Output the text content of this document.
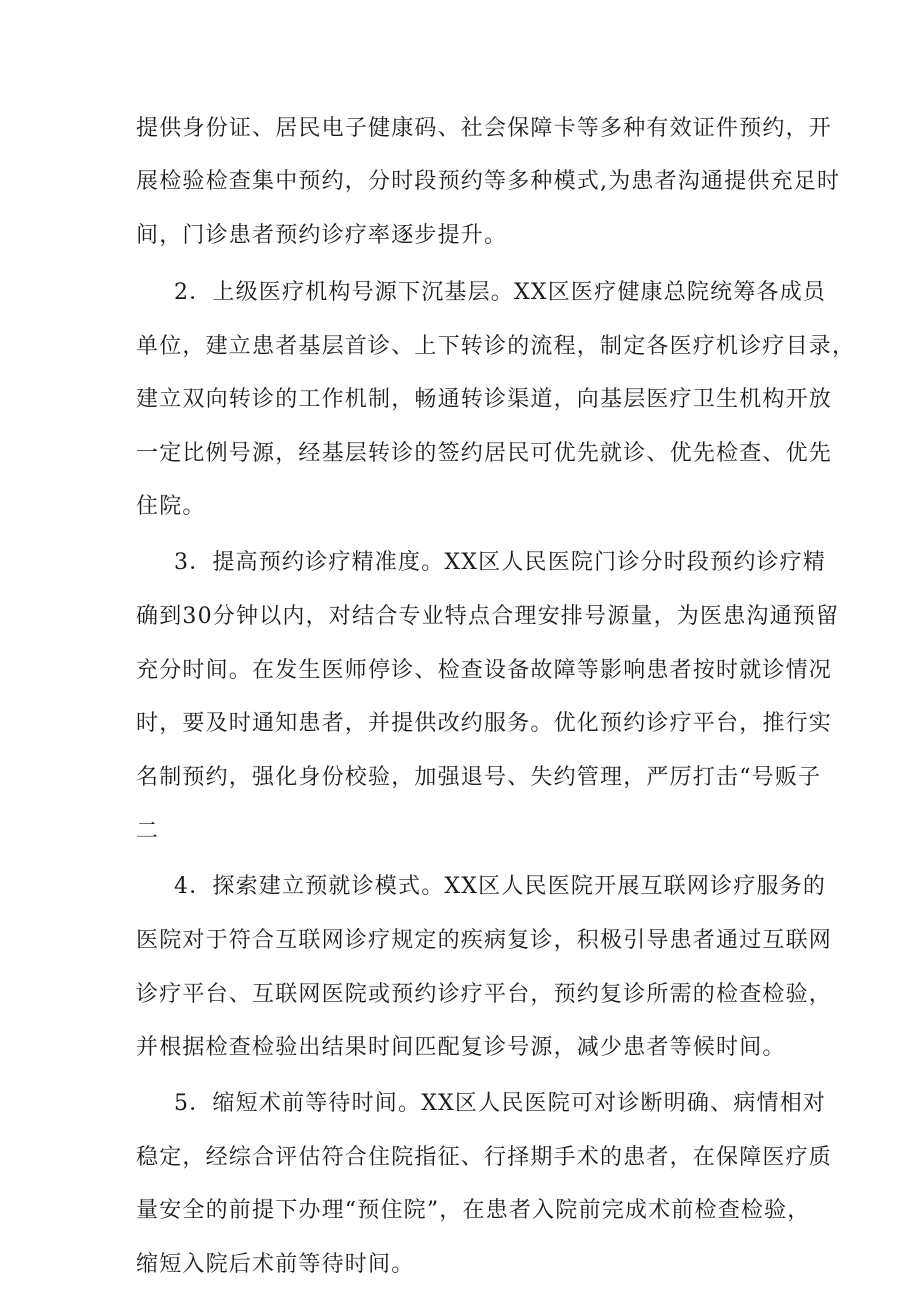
提供身份证、居民电子健康码、社会保障卡等多种有效证件预约，开
展检验检查集中预约，分时段预约等多种模式,为患者沟通提供充足时
间，门诊患者预约诊疗率逐步提升。
2．上级医疗机构号源下沉基层。XX区医疗健康总院统筹各成员
单位，建立患者基层首诊、上下转诊的流程，制定各医疗机诊疗目录，
建立双向转诊的工作机制，畅通转诊渠道，向基层医疗卫生机构开放
一定比例号源，经基层转诊的签约居民可优先就诊、优先检查、优先
住院。
3．提高预约诊疗精准度。XX区人民医院门诊分时段预约诊疗精
确到30分钟以内，对结合专业特点合理安排号源量，为医患沟通预留
充分时间。在发生医师停诊、检查设备故障等影响患者按时就诊情况
时，要及时通知患者，并提供改约服务。优化预约诊疗平台，推行实
名制预约，强化身份校验，加强退号、失约管理，严厉打击“号贩子
二
4．探索建立预就诊模式。XX区人民医院开展互联网诊疗服务的
医院对于符合互联网诊疗规定的疾病复诊，积极引导患者通过互联网
诊疗平台、互联网医院或预约诊疗平台，预约复诊所需的检查检验，
并根据检查检验出结果时间匹配复诊号源，减少患者等候时间。
5．缩短术前等待时间。XX区人民医院可对诊断明确、病情相对
稳定，经综合评估符合住院指征、行择期手术的患者，在保障医疗质
量安全的前提下办理“预住院”，在患者入院前完成术前检查检验，
缩短入院后术前等待时间。
